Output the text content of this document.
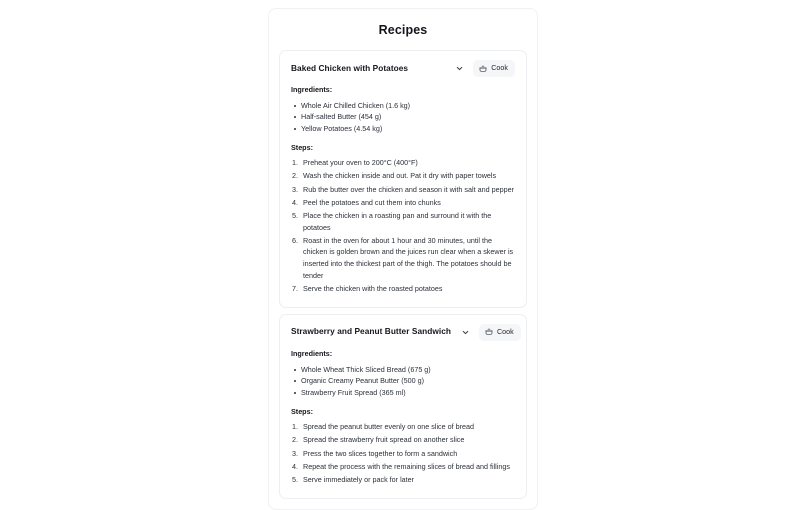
Recipes
Baked Chicken with Potatoes	Cook
Ingredients:
Whole Air Chilled Chicken (1.6 kg)
Half-salted Butter (454 g)
Yellow Potatoes (4.54 kg)
Steps:
Preheat your oven to 200°C (400°F)
Wash the chicken inside and out. Pat it dry with paper towels
Rub the butter over the chicken and season it with salt and pepper
Peel the potatoes and cut them into chunks
Place the chicken in a roasting pan and surround it with the potatoes
Roast in the oven for about 1 hour and 30 minutes, until the chicken is golden brown and the juices run clear when a skewer is inserted into the thickest part of the thigh. The potatoes should be tender
Serve the chicken with the roasted potatoes
Strawberry and Peanut Butter Sandwich	Cook
Ingredients:
Whole Wheat Thick Sliced Bread (675 g)
Organic Creamy Peanut Butter (500 g)
Strawberry Fruit Spread (365 ml)
Steps:
Spread the peanut butter evenly on one slice of bread
Spread the strawberry fruit spread on another slice
Press the two slices together to form a sandwich
Repeat the process with the remaining slices of bread and fillings
Serve immediately or pack for later
